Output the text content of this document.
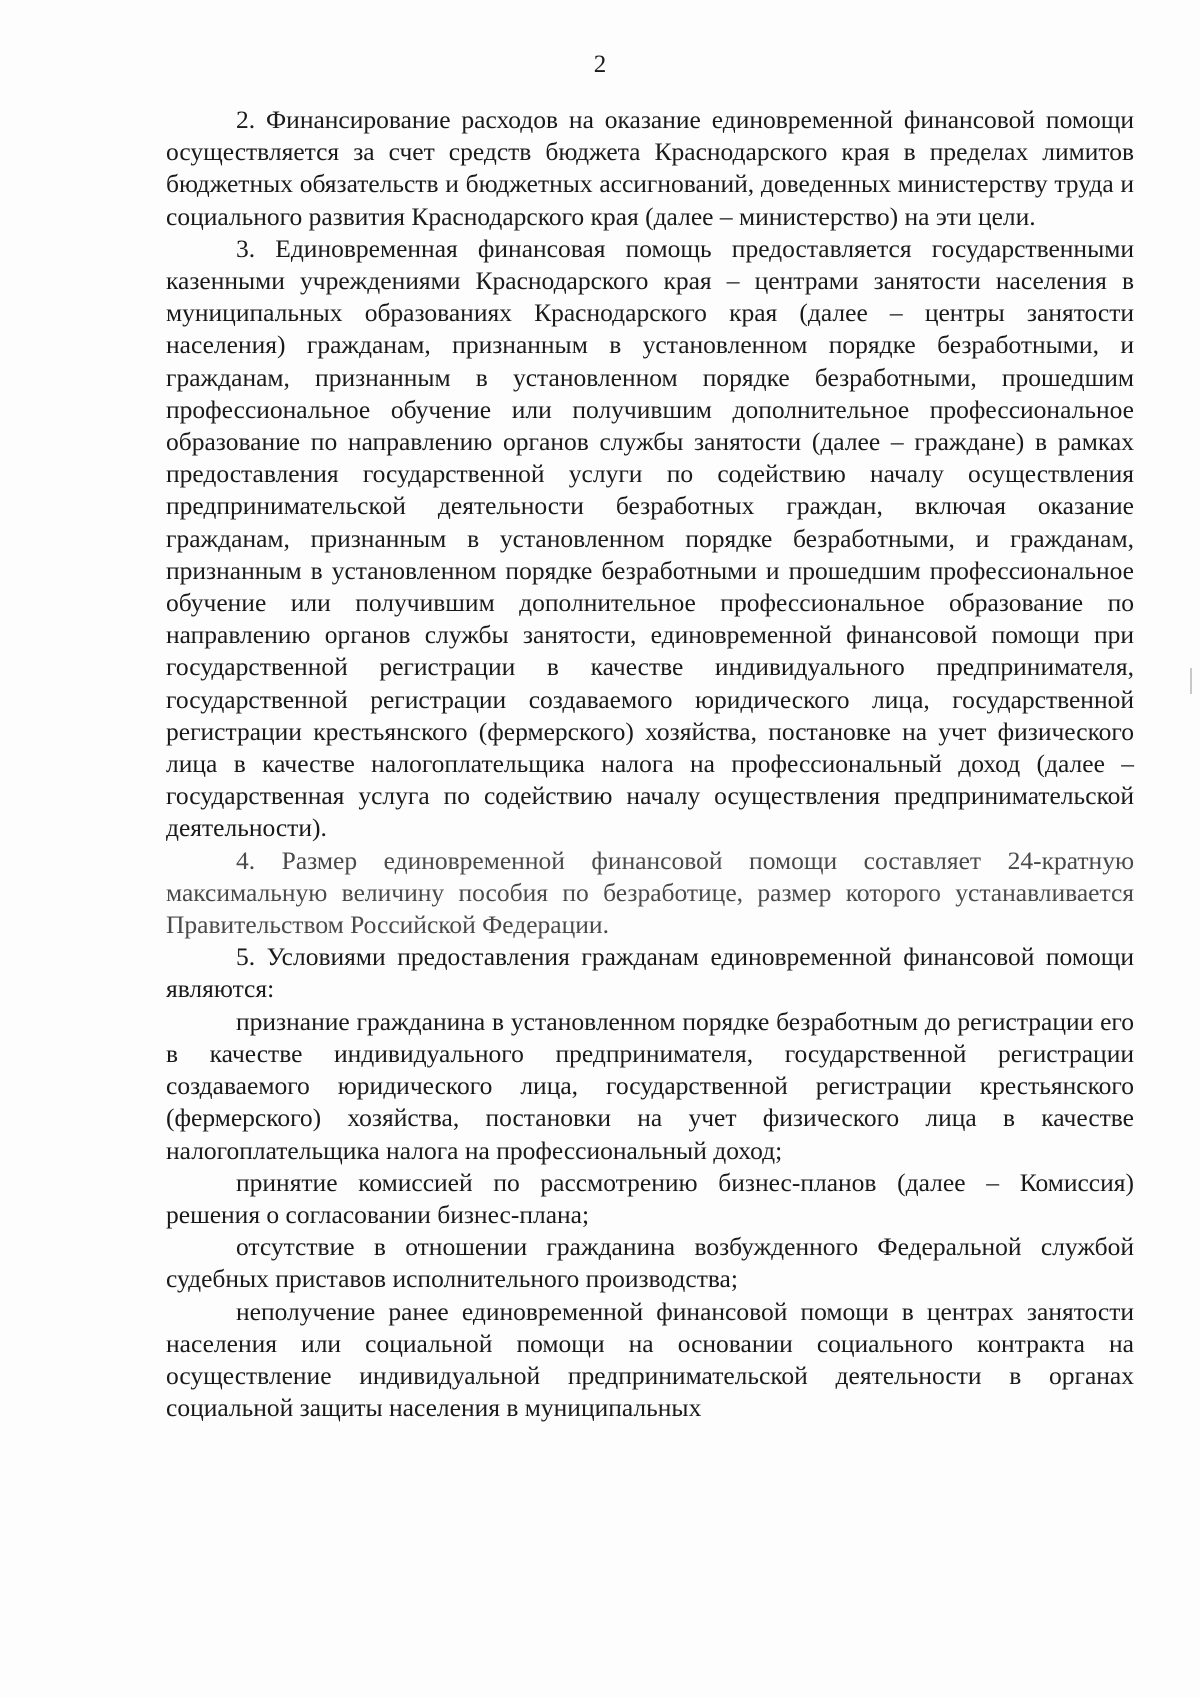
2

2. Финансирование расходов на оказание единовременной финансовой помощи осуществляется за счет средств бюджета Краснодарского края в пределах лимитов бюджетных обязательств и бюджетных ассигнований, доведенных министерству труда и социального развития Краснодарского края (далее – министерство) на эти цели.

3. Единовременная финансовая помощь предоставляется государственными казенными учреждениями Краснодарского края – центрами занятости населения в муниципальных образованиях Краснодарского края (далее – центры занятости населения) гражданам, признанным в установленном порядке безработными, и гражданам, признанным в установленном порядке безработными, прошедшим профессиональное обучение или получившим дополнительное профессиональное образование по направлению органов службы занятости (далее – граждане) в рамках предоставления государственной услуги по содействию началу осуществления предпринимательской деятельности безработных граждан, включая оказание гражданам, признанным в установленном порядке безработными, и гражданам, признанным в установленном порядке безработными и прошедшим профессиональное обучение или получившим дополнительное профессиональное образование по направлению органов службы занятости, единовременной финансовой помощи при государственной регистрации в качестве индивидуального предпринимателя, государственной регистрации создаваемого юридического лица, государственной регистрации крестьянского (фермерского) хозяйства, постановке на учет физического лица в качестве налогоплательщика налога на профессиональный доход (далее – государственная услуга по содействию началу осуществления предпринимательской деятельности).

4. Размер единовременной финансовой помощи составляет 24-кратную максимальную величину пособия по безработице, размер которого устанавливается Правительством Российской Федерации.

5. Условиями предоставления гражданам единовременной финансовой помощи являются:

признание гражданина в установленном порядке безработным до регистрации его в качестве индивидуального предпринимателя, государственной регистрации создаваемого юридического лица, государственной регистрации крестьянского (фермерского) хозяйства, постановки на учет физического лица в качестве налогоплательщика налога на профессиональный доход;

принятие комиссией по рассмотрению бизнес-планов (далее – Комиссия) решения о согласовании бизнес-плана;

отсутствие в отношении гражданина возбужденного Федеральной службой судебных приставов исполнительного производства;

неполучение ранее единовременной финансовой помощи в центрах занятости населения или социальной помощи на основании социального контракта на осуществление индивидуальной предпринимательской деятельности в органах социальной защиты населения в муниципальных
